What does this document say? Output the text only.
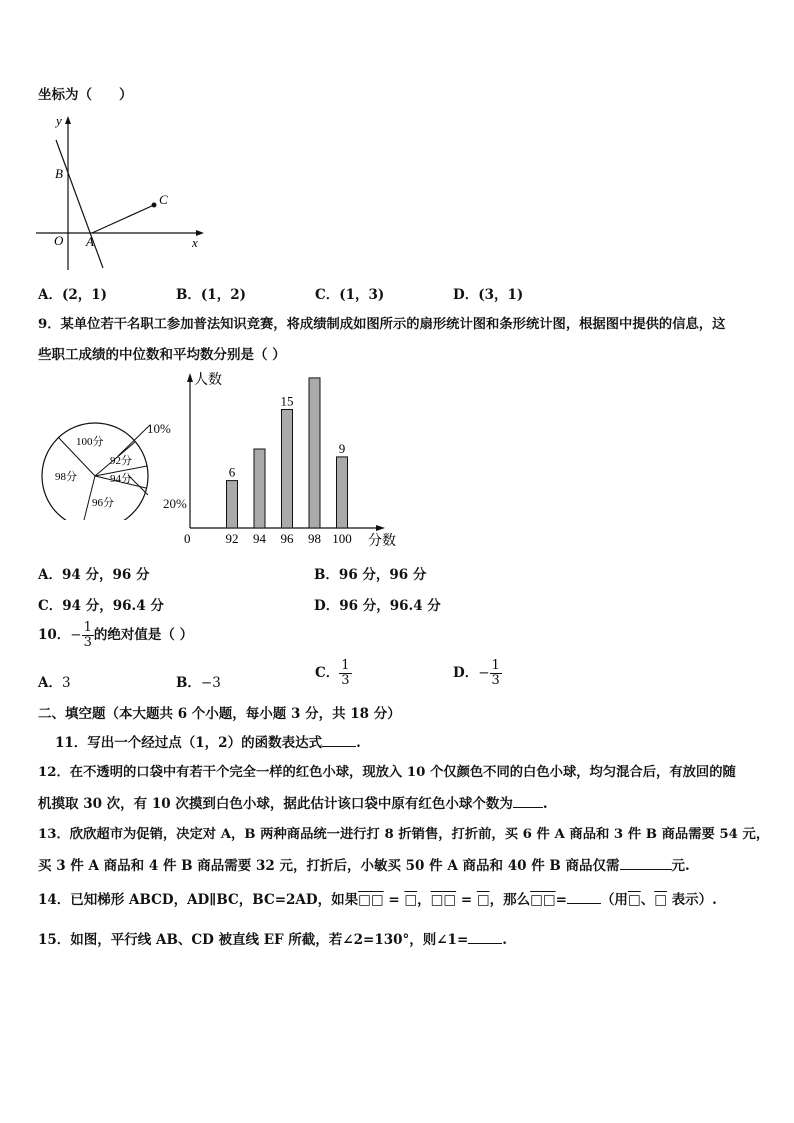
坐标为（　　）
y
x
B
C
O A
A．(2，1)	B．(1，2)	C．(1，3)	D．(3，1)
9．某单位若干名职工参加普法知识竞赛，将成绩制成如图所示的扇形统计图和条形统计图，根据图中提供的信息，这
些职工成绩的中位数和平均数分别是（ ）
100分
92分
94分
96分
98分
10%
20%
人数
分数
0	92
6
94 96
15
98 100
9
A．94 分，96 分	B．96 分，96 分
C．94 分，96.4 分	D．96 分，96.4 分
10．− $\frac{1}{3}$ 的绝对值是（ ）
A．3	B．−3
C． $\frac{1}{3}$	D．− $\frac{1}{3}$
二、填空题（本大题共 6 个小题，每小题 3 分，共 18 分）
11．写出一个经过点（1，2）的函数表达式	.
12．在不透明的口袋中有若干个完全一样的红色小球，现放入 10 个仅颜色不同的白色小球，均匀混合后，有放回的随
机摸取 30 次，有 10 次摸到白色小球，据此估计该口袋中原有红色小球个数为 .
13．欣欣超市为促销，决定对 A，B 两种商品统一进行打 8 折销售，打折前，买 6 件 A 商品和 3 件 B 商品需要 54 元，
买 3 件 A 商品和 4 件 B 商品需要 32 元，打折后，小敏买 50 件 A 商品和 40 件 B 商品仅需	元.
14．已知梯形 ABCD，AD∥BC，BC=2AD，如果□□ = □，□□ = □，那么□□=	（用□、□ 表示）.
15．如图，平行线 AB、CD 被直线 EF 所截，若∠2=130°，则∠1=	.
